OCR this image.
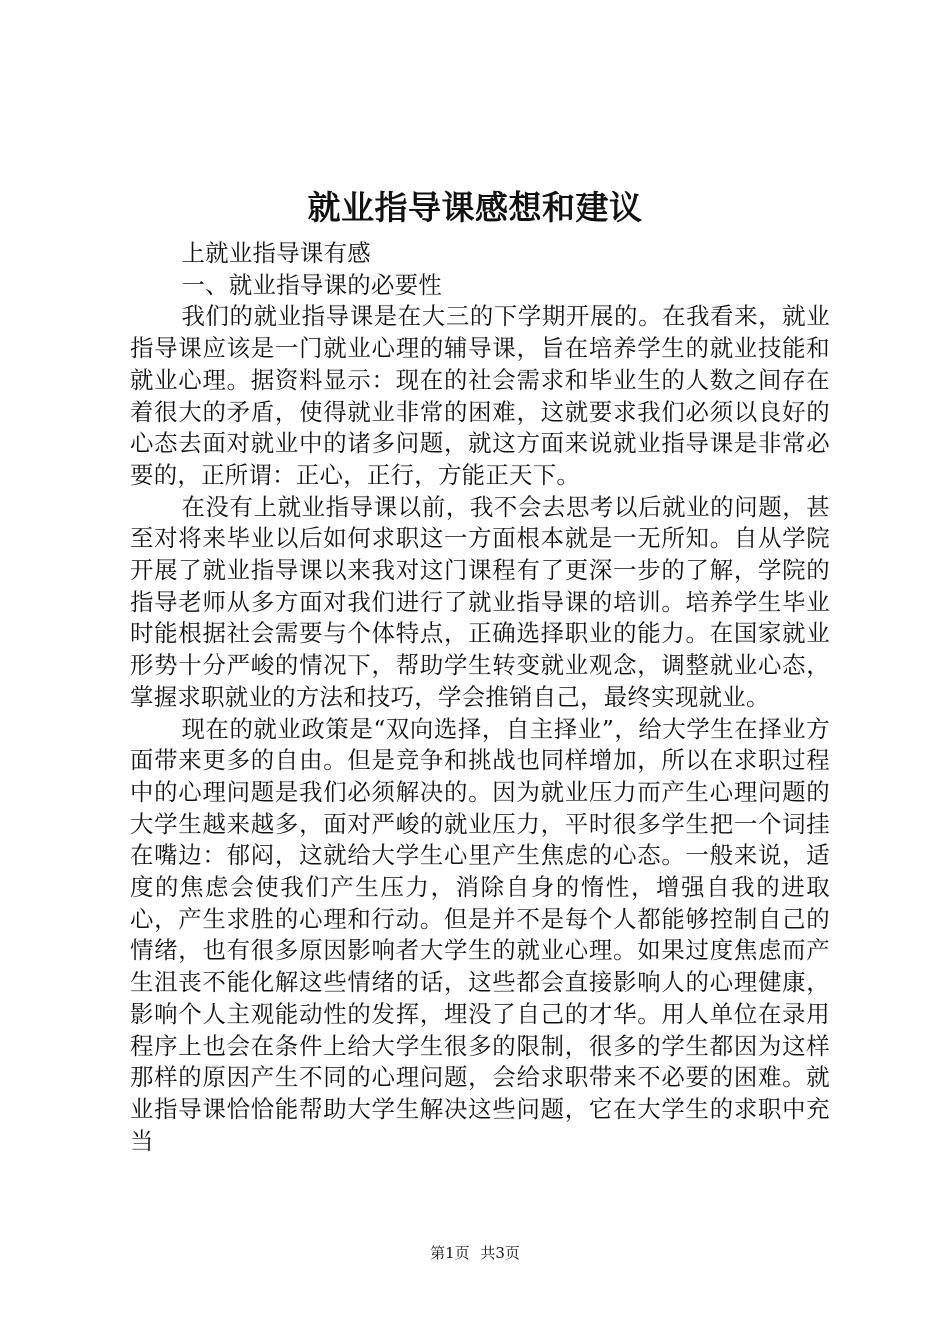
就业指导课感想和建议

上就业指导课有感

一、就业指导课的必要性

我们的就业指导课是在大三的下学期开展的。在我看来，就业指导课应该是一门就业心理的辅导课，旨在培养学生的就业技能和就业心理。据资料显示：现在的社会需求和毕业生的人数之间存在着很大的矛盾，使得就业非常的困难，这就要求我们必须以良好的心态去面对就业中的诸多问题，就这方面来说就业指导课是非常必要的，正所谓：正心，正行，方能正天下。

在没有上就业指导课以前，我不会去思考以后就业的问题，甚至对将来毕业以后如何求职这一方面根本就是一无所知。自从学院开展了就业指导课以来我对这门课程有了更深一步的了解，学院的指导老师从多方面对我们进行了就业指导课的培训。培养学生毕业时能根据社会需要与个体特点，正确选择职业的能力。在国家就业形势十分严峻的情况下，帮助学生转变就业观念，调整就业心态，掌握求职就业的方法和技巧，学会推销自己，最终实现就业。

现在的就业政策是“双向选择，自主择业”，给大学生在择业方面带来更多的自由。但是竞争和挑战也同样增加，所以在求职过程中的心理问题是我们必须解决的。因为就业压力而产生心理问题的大学生越来越多，面对严峻的就业压力，平时很多学生把一个词挂在嘴边：郁闷，这就给大学生心里产生焦虑的心态。一般来说，适度的焦虑会使我们产生压力，消除自身的惰性，增强自我的进取心，产生求胜的心理和行动。但是并不是每个人都能够控制自己的情绪，也有很多原因影响者大学生的就业心理。如果过度焦虑而产生沮丧不能化解这些情绪的话，这些都会直接影响人的心理健康，影响个人主观能动性的发挥，埋没了自己的才华。用人单位在录用程序上也会在条件上给大学生很多的限制，很多的学生都因为这样那样的原因产生不同的心理问题，会给求职带来不必要的困难。就业指导课恰恰能帮助大学生解决这些问题，它在大学生的求职中充当

第1页 共3页
